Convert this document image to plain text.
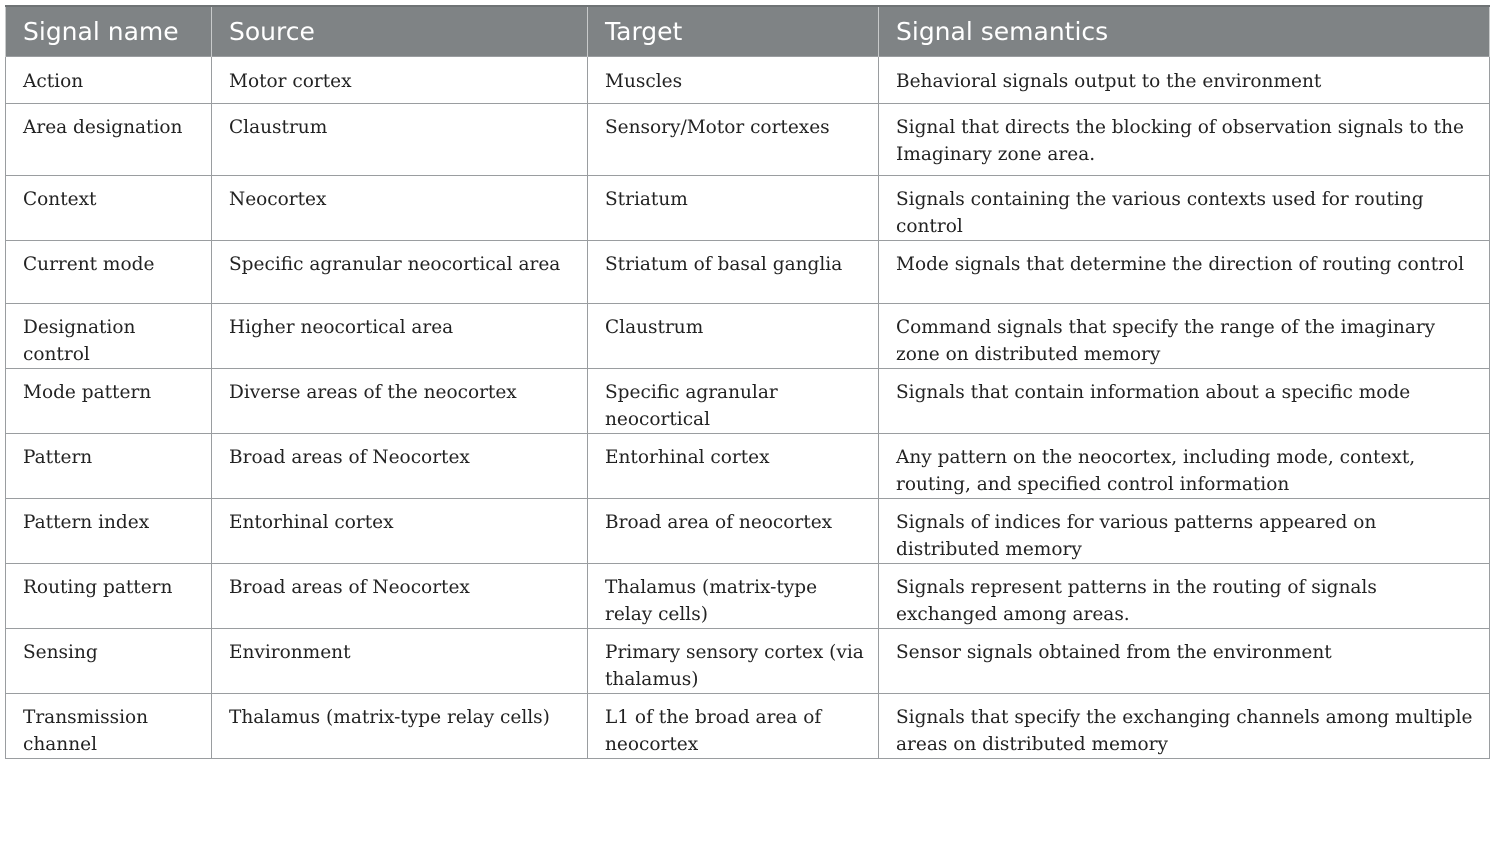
Signal name	Source	Target	Signal semantics
Action	Motor cortex	Muscles	Behavioral signals output to the environment
Area designation	Claustrum	Sensory/Motor cortexes	Signal that directs the blocking of observation signals to the Imaginary zone area.
Context	Neocortex	Striatum	Signals containing the various contexts used for routing control
Current mode	Specific agranular neocortical area	Striatum of basal ganglia	Mode signals that determine the direction of routing control
Designation control	Higher neocortical area	Claustrum	Command signals that specify the range of the imaginary zone on distributed memory
Mode pattern	Diverse areas of the neocortex	Specific agranular neocortical	Signals that contain information about a specific mode
Pattern	Broad areas of Neocortex	Entorhinal cortex	Any pattern on the neocortex, including mode, context, routing, and specified control information
Pattern index	Entorhinal cortex	Broad area of neocortex	Signals of indices for various patterns appeared on distributed memory
Routing pattern	Broad areas of Neocortex	Thalamus (matrix-type relay cells)	Signals represent patterns in the routing of signals exchanged among areas.
Sensing	Environment	Primary sensory cortex (via thalamus)	Sensor signals obtained from the environment
Transmission channel	Thalamus (matrix-type relay cells)	L1 of the broad area of neocortex	Signals that specify the exchanging channels among multiple areas on distributed memory
